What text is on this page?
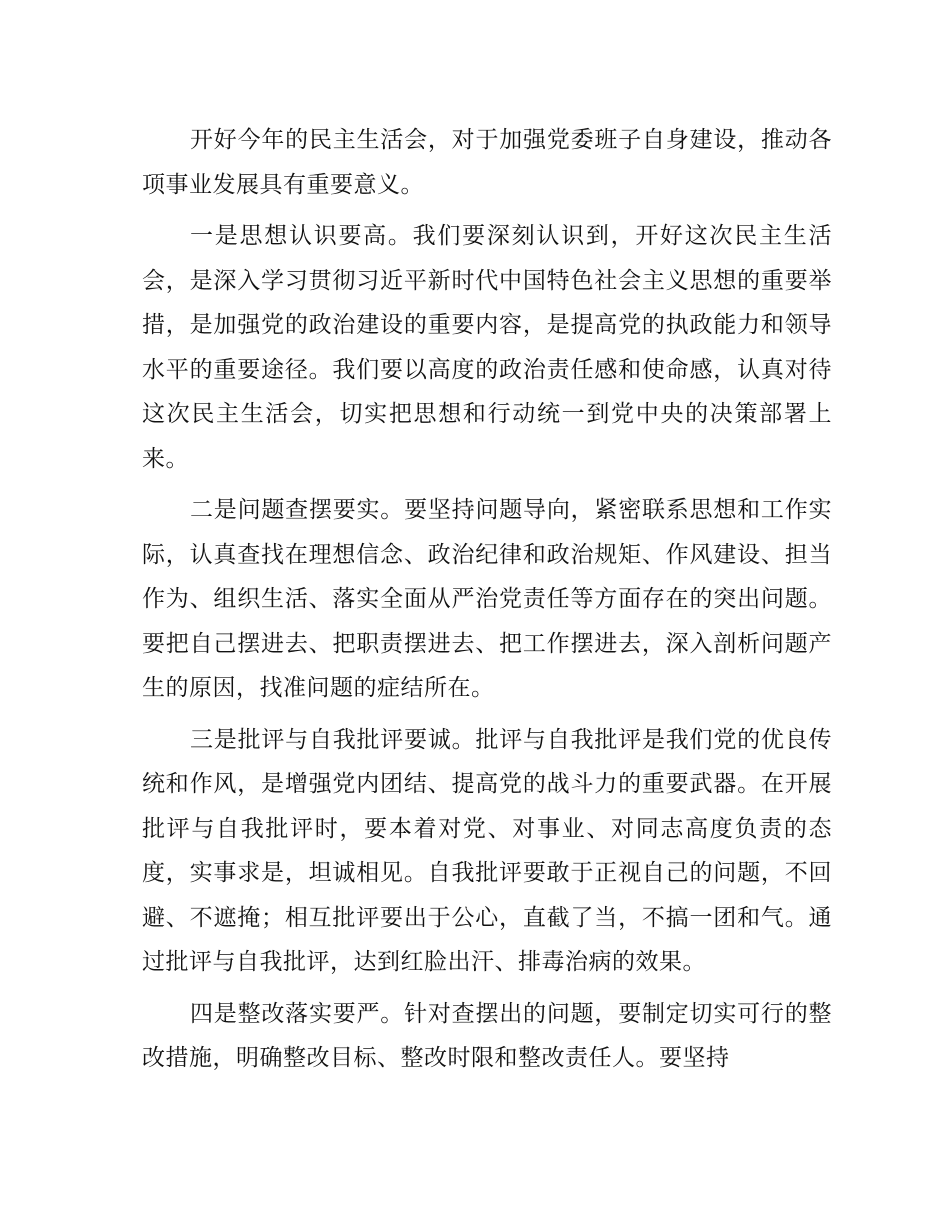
开好今年的民主生活会，对于加强党委班子自身建设，推动各项事业发展具有重要意义。

一是思想认识要高。我们要深刻认识到，开好这次民主生活会，是深入学习贯彻习近平新时代中国特色社会主义思想的重要举措，是加强党的政治建设的重要内容，是提高党的执政能力和领导水平的重要途径。我们要以高度的政治责任感和使命感，认真对待这次民主生活会，切实把思想和行动统一到党中央的决策部署上来。

二是问题查摆要实。要坚持问题导向，紧密联系思想和工作实际，认真查找在理想信念、政治纪律和政治规矩、作风建设、担当作为、组织生活、落实全面从严治党责任等方面存在的突出问题。要把自己摆进去、把职责摆进去、把工作摆进去，深入剖析问题产生的原因，找准问题的症结所在。

三是批评与自我批评要诚。批评与自我批评是我们党的优良传统和作风，是增强党内团结、提高党的战斗力的重要武器。在开展批评与自我批评时，要本着对党、对事业、对同志高度负责的态度，实事求是，坦诚相见。自我批评要敢于正视自己的问题，不回避、不遮掩；相互批评要出于公心，直截了当，不搞一团和气。通过批评与自我批评，达到红脸出汗、排毒治病的效果。

四是整改落实要严。针对查摆出的问题，要制定切实可行的整改措施，明确整改目标、整改时限和整改责任人。要坚持
